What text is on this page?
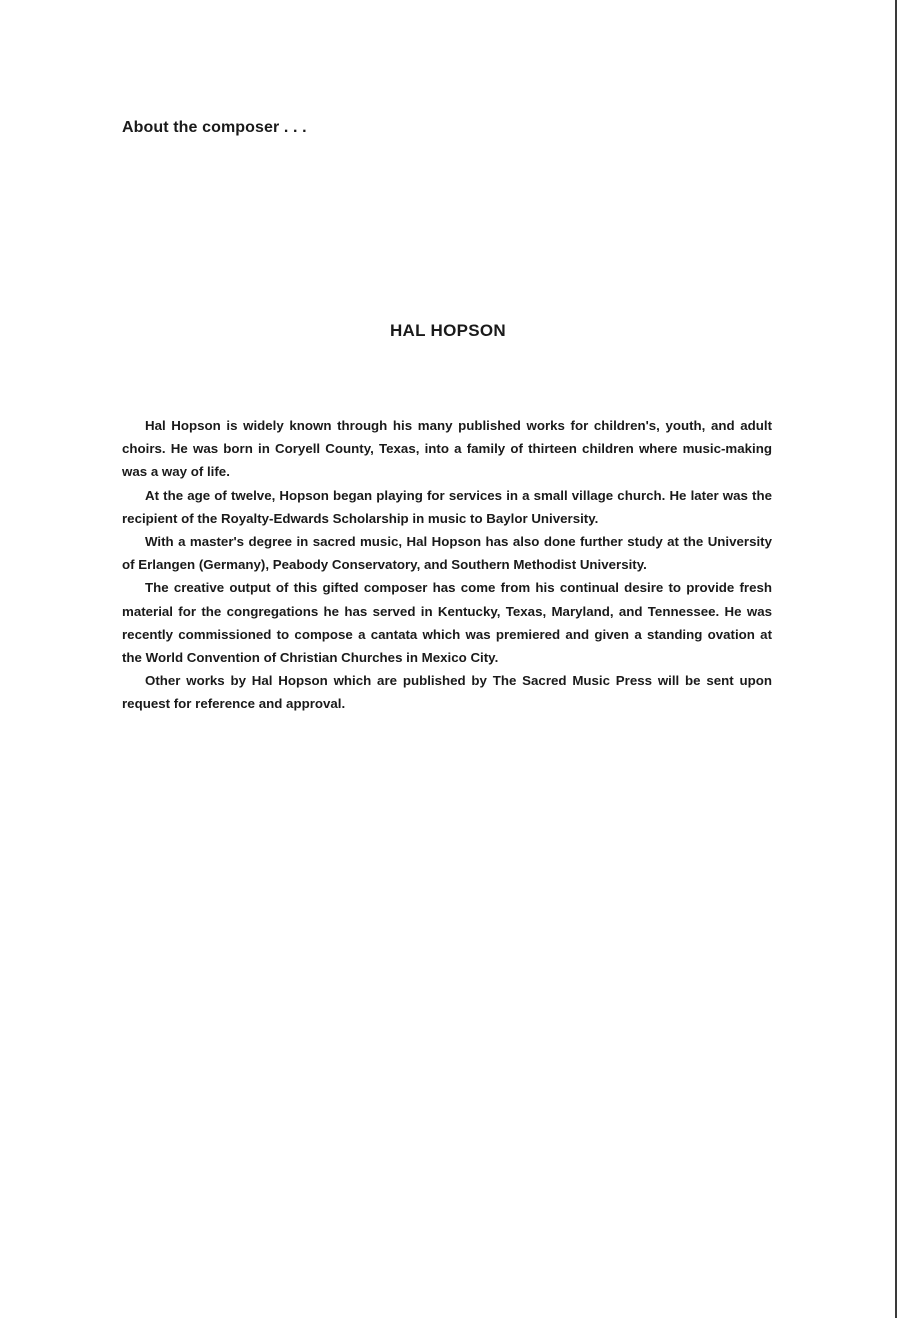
About the composer . . .
HAL HOPSON

Hal Hopson is widely known through his many published works for children's, youth, and adult choirs. He was born in Coryell County, Texas, into a family of thirteen children where music-making was a way of life.

At the age of twelve, Hopson began playing for services in a small village church. He later was the recipient of the Royalty-Edwards Scholarship in music to Baylor University.

With a master's degree in sacred music, Hal Hopson has also done further study at the University of Erlangen (Germany), Peabody Conservatory, and Southern Methodist University.

The creative output of this gifted composer has come from his continual desire to provide fresh material for the congregations he has served in Kentucky, Texas, Maryland, and Tennessee. He was recently commissioned to compose a cantata which was premiered and given a standing ovation at the World Convention of Christian Churches in Mexico City.

Other works by Hal Hopson which are published by The Sacred Music Press will be sent upon request for reference and approval.
